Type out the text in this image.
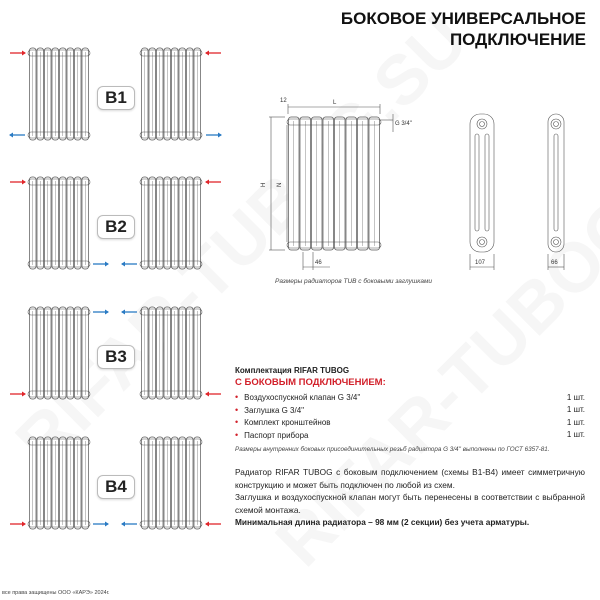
БОКОВОЕ УНИВЕРСАЛЬНОЕ
ПОДКЛЮЧЕНИЕ
B1
B2
B3
B4
L
12
H N
G 3/4''
46	107	66
Размеры радиаторов TUB с боковыми заглушками
Комплектация RIFAR TUBOG
С БОКОВЫМ ПОДКЛЮЧЕНИЕМ:
• Воздухоспускной клапан G 3/4''	1 шт.
• Заглушка G 3/4''	1 шт.
• Комплект кронштейнов	1 шт.
• Паспорт прибора	1 шт.
Размеры внутренних боковых присоединительных резьб радиатора G 3/4'' выполнены по ГОСТ 6357-81.

Радиатор RIFAR TUBOG с боковым подключением (схемы В1-В4) имеет симметричную конструкцию и может быть подключен по любой из схем.

Заглушка и воздухоспускной клапан могут быть перенесены в соответствии с выбранной схемой монтажа.

Минимальная длина радиатора – 98 мм (2 секции) без учета арматуры.

все права защищены ООО «КАРЭ» 2024г.
